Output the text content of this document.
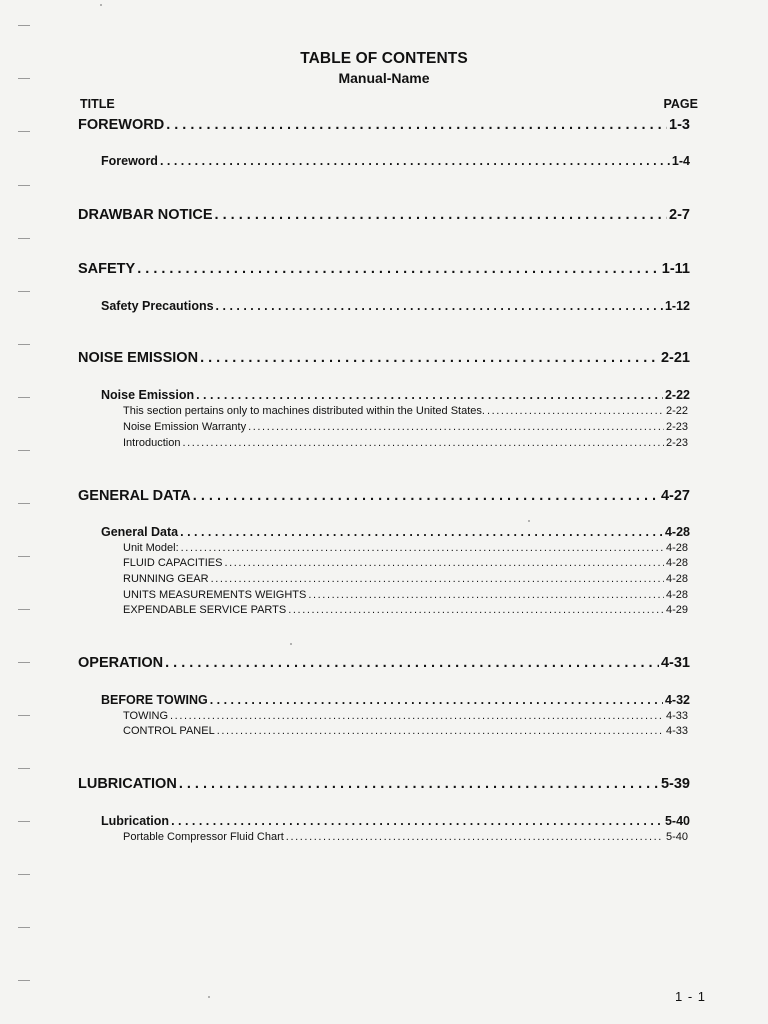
TABLE OF CONTENTS
Manual-Name
TITLE	PAGE
FOREWORD . . .	1-3
Foreword . . .	1-4
DRAWBAR NOTICE . . .	2-7
SAFETY . . .	1-11
Safety Precautions . . .	1-12
NOISE EMISSION . . .	2-21
Noise Emission . . .	2-22
This section pertains only to machines distributed within the United States. .....	2-22
Noise Emission Warranty .....	2-23
Introduction .....	2-23
GENERAL DATA . . .	4-27
General Data . . .	4-28
Unit Model: .....	4-28
FLUID CAPACITIES .....	4-28
RUNNING GEAR .....	4-28
UNITS MEASUREMENTS WEIGHTS .....	4-28
EXPENDABLE SERVICE PARTS .....	4-29
OPERATION . . .	4-31
BEFORE TOWING . . .	4-32
TOWING .....	4-33
CONTROL PANEL .....	4-33
LUBRICATION . . .	5-39
Lubrication . . .	5-40
Portable Compressor Fluid Chart .....	5-40
1 - 1
